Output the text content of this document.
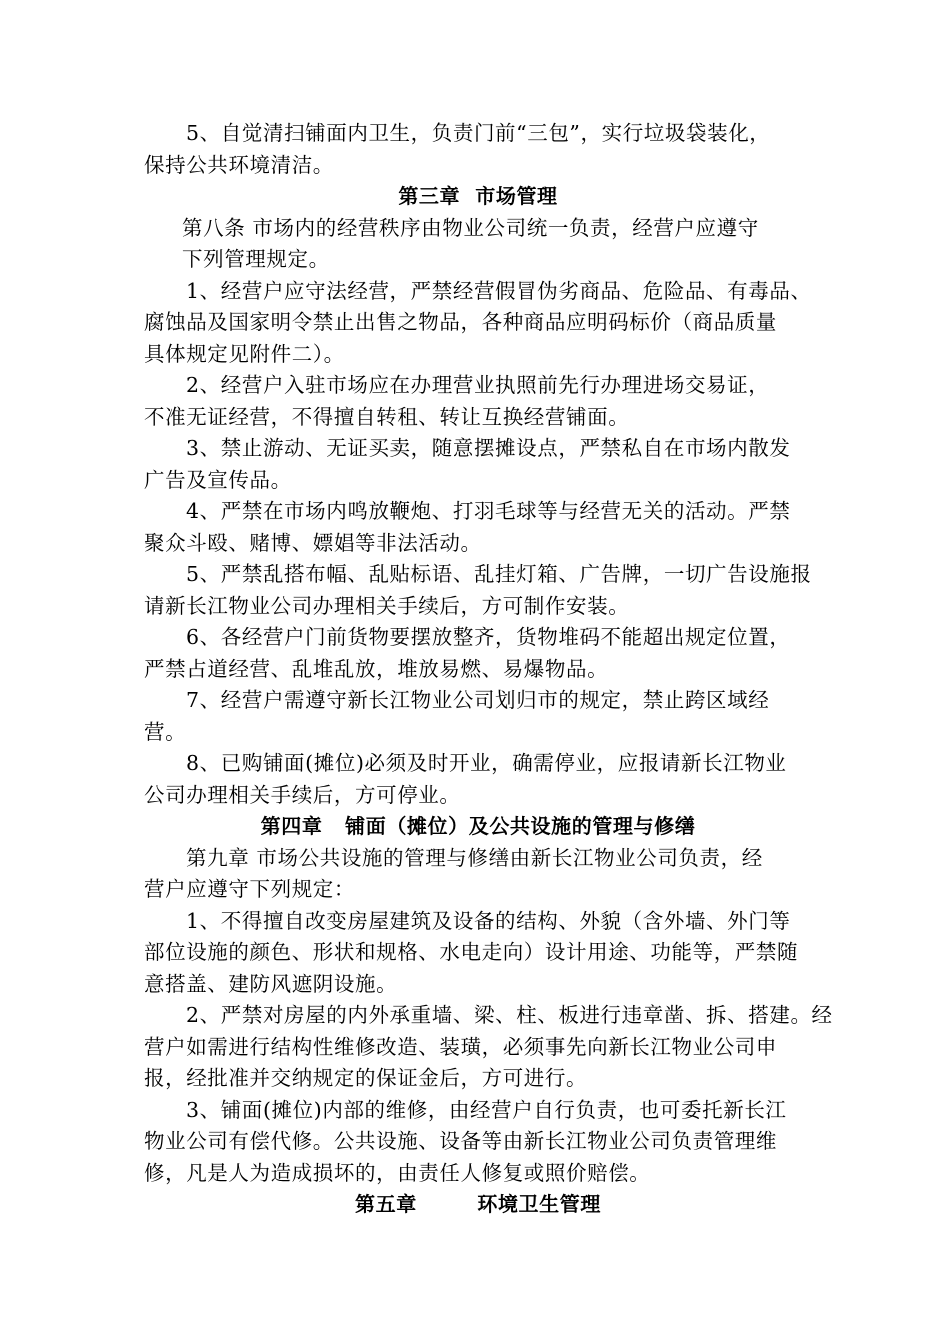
5、自觉清扫铺面内卫生，负责门前“三包”，实行垃圾袋装化，
保持公共环境清洁。
第三章  市场管理
第八条 市场内的经营秩序由物业公司统一负责，经营户应遵守
下列管理规定。
1、经营户应守法经营，严禁经营假冒伪劣商品、危险品、有毒品、
腐蚀品及国家明令禁止出售之物品，各种商品应明码标价（商品质量
具体规定见附件二）。
2、经营户入驻市场应在办理营业执照前先行办理进场交易证，
不准无证经营，不得擅自转租、转让互换经营铺面。
3、禁止游动、无证买卖，随意摆摊设点，严禁私自在市场内散发
广告及宣传品。
4、严禁在市场内鸣放鞭炮、打羽毛球等与经营无关的活动。严禁
聚众斗殴、赌博、嫖娼等非法活动。
5、严禁乱搭布幅、乱贴标语、乱挂灯箱、广告牌，一切广告设施报
请新长江物业公司办理相关手续后，方可制作安装。
6、各经营户门前货物要摆放整齐，货物堆码不能超出规定位置，
严禁占道经营、乱堆乱放，堆放易燃、易爆物品。
7、经营户需遵守新长江物业公司划归市的规定，禁止跨区域经
营。
8、已购铺面(摊位)必须及时开业，确需停业，应报请新长江物业
公司办理相关手续后，方可停业。
第四章   铺面（摊位）及公共设施的管理与修缮
第九章 市场公共设施的管理与修缮由新长江物业公司负责，经
营户应遵守下列规定：
1、不得擅自改变房屋建筑及设备的结构、外貌（含外墙、外门等
部位设施的颜色、形状和规格、水电走向）设计用途、功能等，严禁随
意搭盖、建防风遮阴设施。
2、严禁对房屋的内外承重墙、梁、柱、板进行违章凿、拆、搭建。经
营户如需进行结构性维修改造、装璜，必须事先向新长江物业公司申
报，经批准并交纳规定的保证金后，方可进行。
3、铺面(摊位)内部的维修，由经营户自行负责，也可委托新长江
物业公司有偿代修。公共设施、设备等由新长江物业公司负责管理维
修，凡是人为造成损坏的，由责任人修复或照价赔偿。
第五章        环境卫生管理
